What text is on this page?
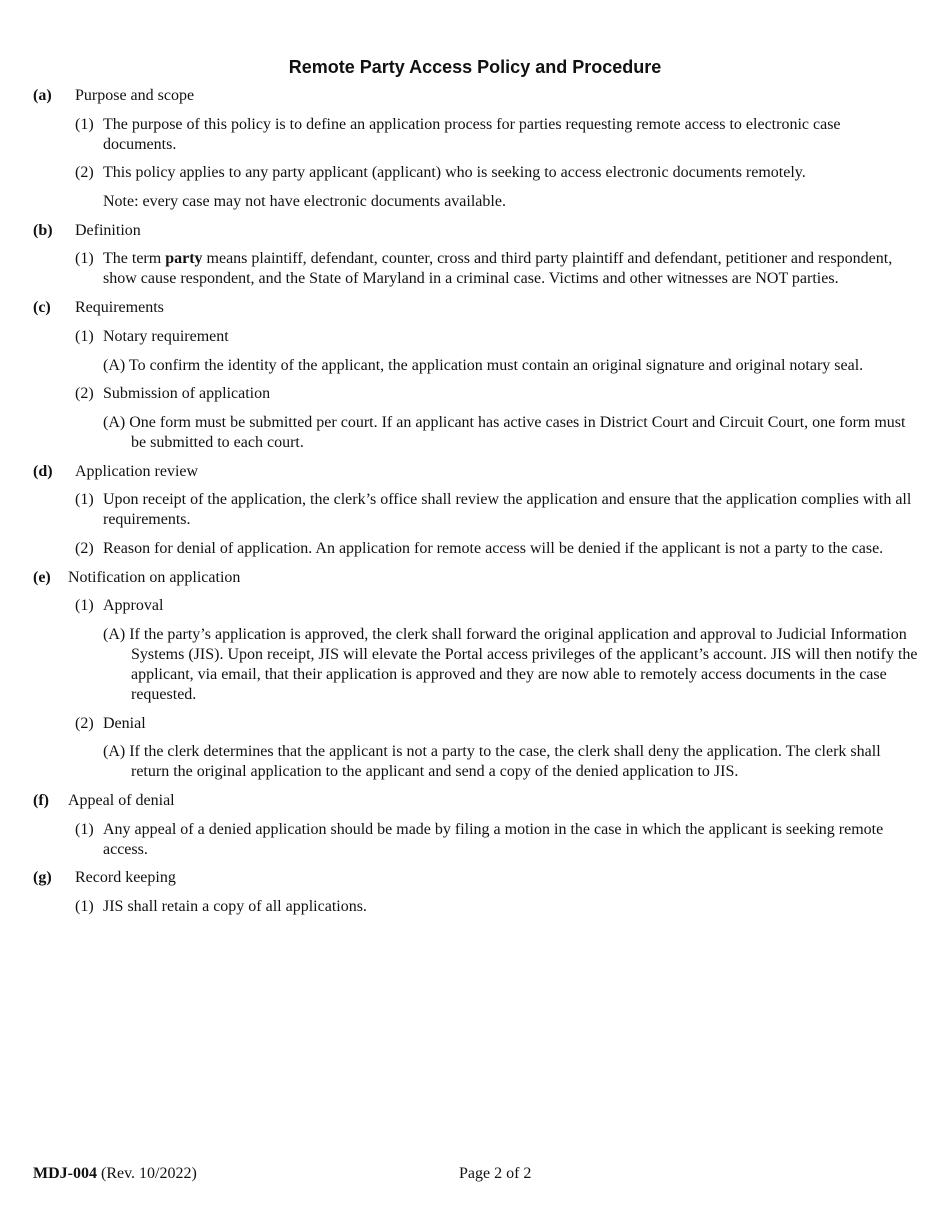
Remote Party Access Policy and Procedure
(a) Purpose and scope
(1) The purpose of this policy is to define an application process for parties requesting remote access to electronic case documents.
(2) This policy applies to any party applicant (applicant) who is seeking to access electronic documents remotely.
Note: every case may not have electronic documents available.
(b) Definition
(1) The term party means plaintiff, defendant, counter, cross and third party plaintiff and defendant, petitioner and respondent, show cause respondent, and the State of Maryland in a criminal case. Victims and other witnesses are NOT parties.
(c) Requirements
(1) Notary requirement
(A) To confirm the identity of the applicant, the application must contain an original signature and original notary seal.
(2) Submission of application
(A) One form must be submitted per court. If an applicant has active cases in District Court and Circuit Court, one form must be submitted to each court.
(d) Application review
(1) Upon receipt of the application, the clerk’s office shall review the application and ensure that the application complies with all requirements.
(2) Reason for denial of application. An application for remote access will be denied if the applicant is not a party to the case.
(e) Notification on application
(1) Approval
(A) If the party’s application is approved, the clerk shall forward the original application and approval to Judicial Information Systems (JIS). Upon receipt, JIS will elevate the Portal access privileges of the applicant’s account. JIS will then notify the applicant, via email, that their application is approved and they are now able to remotely access documents in the case requested.
(2) Denial
(A) If the clerk determines that the applicant is not a party to the case, the clerk shall deny the application. The clerk shall return the original application to the applicant and send a copy of the denied application to JIS.
(f) Appeal of denial
(1) Any appeal of a denied application should be made by filing a motion in the case in which the applicant is seeking remote access.
(g) Record keeping
(1) JIS shall retain a copy of all applications.
MDJ-004 (Rev. 10/2022)	Page 2 of 2
